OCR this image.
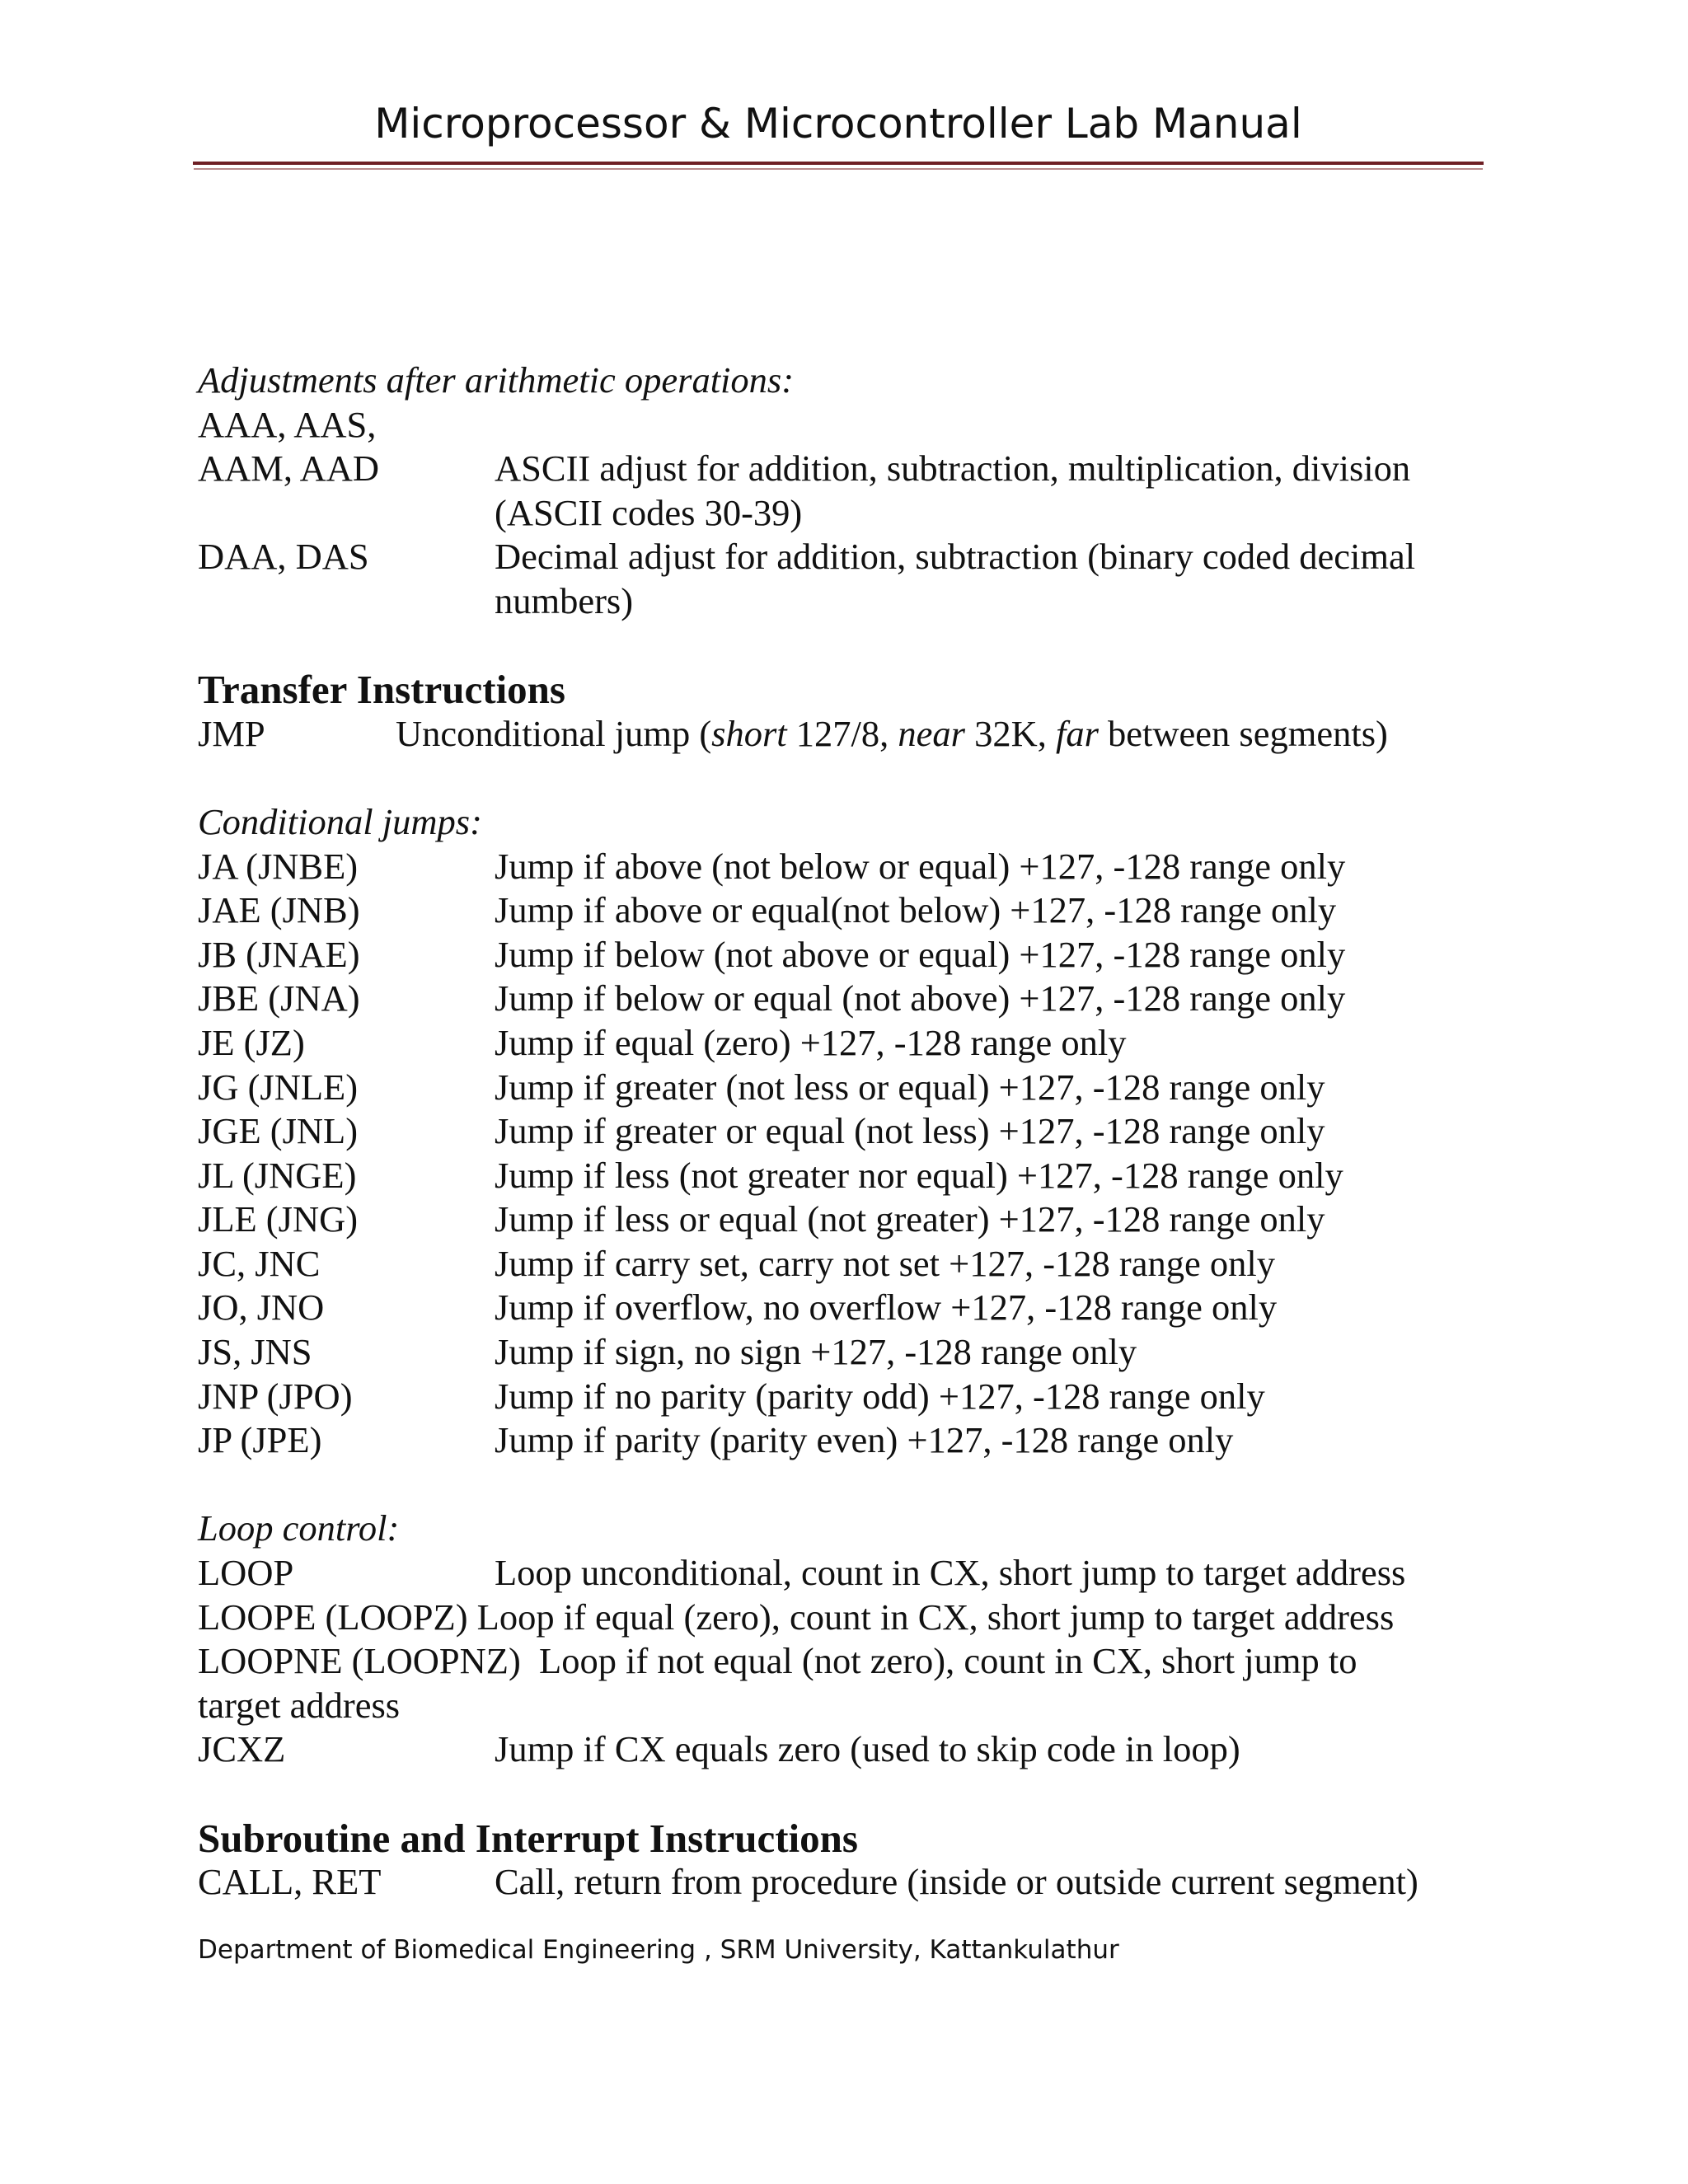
Microprocessor & Microcontroller Lab Manual
Adjustments after arithmetic operations:
AAA, AAS,
AAM, AAD	ASCII adjust for addition, subtraction, multiplication, division (ASCII codes 30-39)
DAA, DAS	Decimal adjust for addition, subtraction (binary coded decimal numbers)
Transfer Instructions
JMP	Unconditional jump (short 127/8, near 32K, far between segments)
Conditional jumps:
JA (JNBE)	Jump if above (not below or equal) +127, -128 range only
JAE (JNB)	Jump if above or equal(not below) +127, -128 range only
JB (JNAE)	Jump if below (not above or equal) +127, -128 range only
JBE (JNA)	Jump if below or equal (not above) +127, -128 range only
JE (JZ)	Jump if equal (zero) +127, -128 range only
JG (JNLE)	Jump if greater (not less or equal) +127, -128 range only
JGE (JNL)	Jump if greater or equal (not less) +127, -128 range only
JL (JNGE)	Jump if less (not greater nor equal) +127, -128 range only
JLE (JNG)	Jump if less or equal (not greater) +127, -128 range only
JC, JNC	Jump if carry set, carry not set +127, -128 range only
JO, JNO	Jump if overflow, no overflow +127, -128 range only
JS, JNS	Jump if sign, no sign +127, -128 range only
JNP (JPO)	Jump if no parity (parity odd) +127, -128 range only
JP (JPE)	Jump if parity (parity even) +127, -128 range only
Loop control:
LOOP	Loop unconditional, count in CX, short jump to target address
LOOPE (LOOPZ) Loop if equal (zero), count in CX, short jump to target address
LOOPNE (LOOPNZ)  Loop if not equal (not zero), count in CX, short jump to
target address
JCXZ	Jump if CX equals zero (used to skip code in loop)
Subroutine and Interrupt Instructions
CALL, RET	Call, return from procedure (inside or outside current segment)
Department of Biomedical Engineering , SRM University, Kattankulathur
